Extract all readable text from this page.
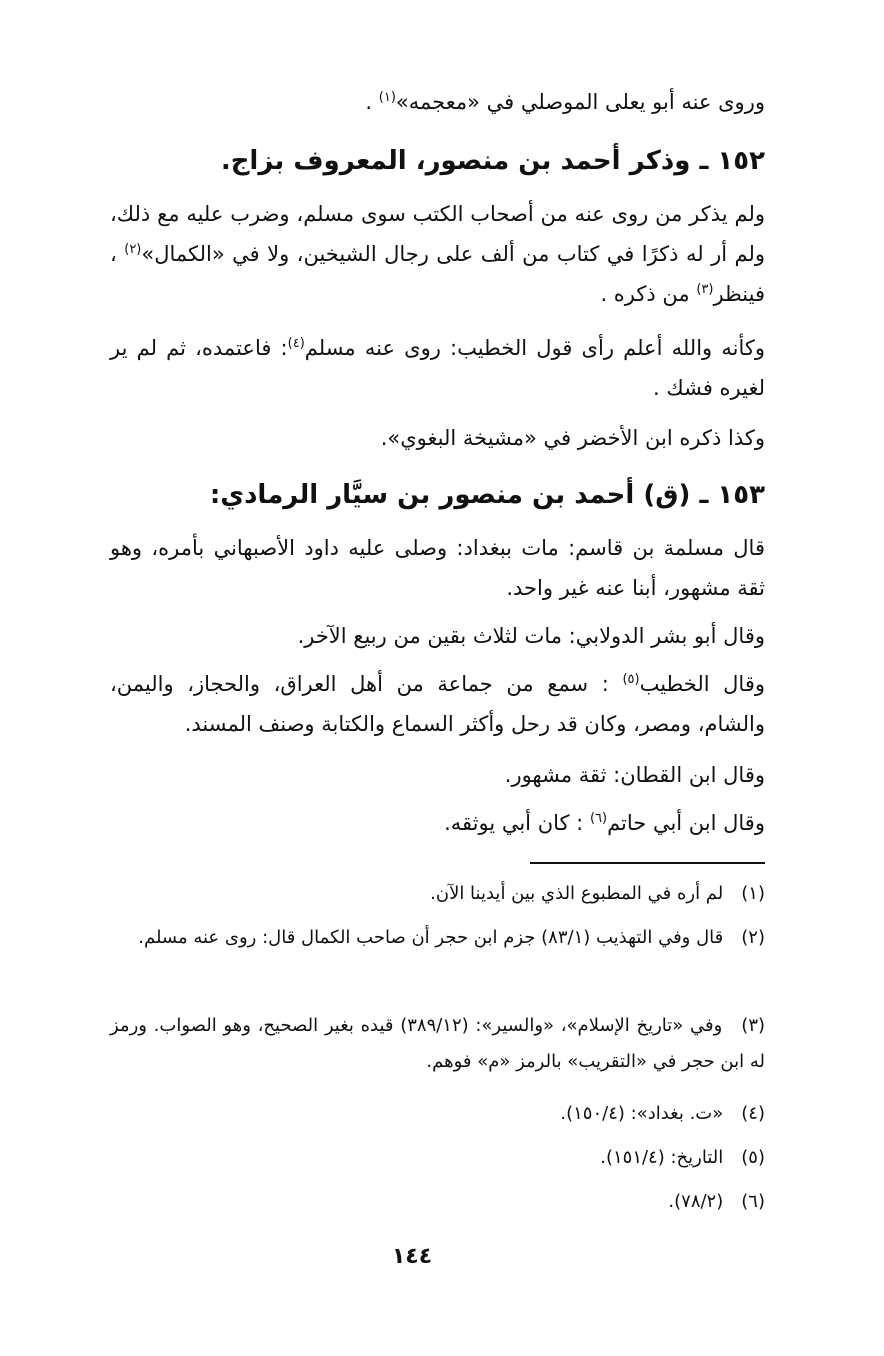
وروى عنه أبو يعلى الموصلي في «معجمه»$^{(١)}$ .
١٥٢ ـ وذكر أحمد بن منصور، المعروف بزاج.
ولم يذكر من روى عنه من أصحاب الكتب سوى مسلم، وضرب عليه مع ذلك، ولم أر له ذكرًا في كتاب من ألف على رجال الشيخين، ولا في «الكمال»$^{(٢)}$ ، فينظر$^{(٣)}$ من ذكره .
وكأنه والله أعلم رأى قول الخطيب: روى عنه مسلم$^{(٤)}$: فاعتمده، ثم لم ير لغيره فشك .
وكذا ذكره ابن الأخضر في «مشيخة البغوي».
١٥٣ ـ (ق) أحمد بن منصور بن سيَّار الرمادي:
قال مسلمة بن قاسم: مات ببغداد: وصلى عليه داود الأصبهاني بأمره، وهو ثقة مشهور، أبنا عنه غير واحد.
وقال أبو بشر الدولابي: مات لثلاث بقين من ربيع الآخر.
وقال الخطيب$^{(٥)}$ : سمع من جماعة من أهل العراق، والحجاز، واليمن، والشام، ومصر، وكان قد رحل وأكثر السماع والكتابة وصنف المسند.
وقال ابن القطان: ثقة مشهور.
وقال ابن أبي حاتم$^{(٦)}$ : كان أبي يوثقه.
(١) لم أره في المطبوع الذي بين أيدينا الآن.
(٢) قال وفي التهذيب (٨٣/١) جزم ابن حجر أن صاحب الكمال قال: روى عنه مسلم.
(٣) وفي «تاريخ الإسلام»، «والسير»: (٣٨٩/١٢) قيده بغير الصحيح، وهو الصواب. ورمز له ابن حجر في «التقريب» بالرمز «م» فوهم.
(٤) «ت. بغداد»: (١٥٠/٤).
(٥) التاريخ: (١٥١/٤).
(٦) (٧٨/٢).
١٤٤
